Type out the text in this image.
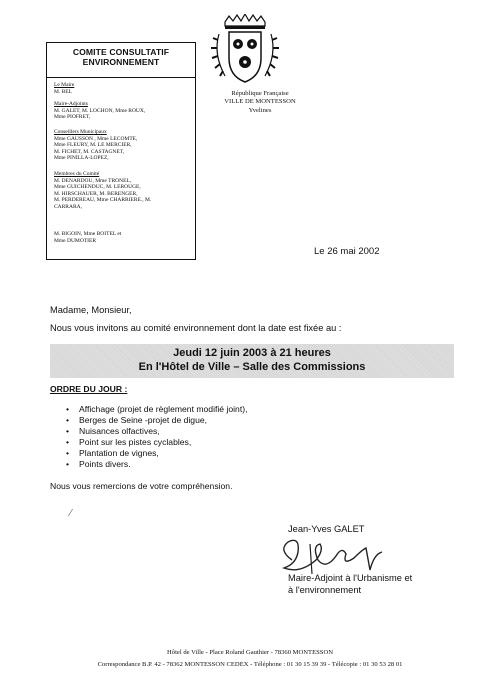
COMITE CONSULTATIF
ENVIRONNEMENT
Le Maire
M. BEL
Maire-Adjoints
M. GALET, M. LOCHON, Mme ROUX,
Mme PIOFRET,
Conseillers Municipaux
Mme GAUSSON , Mme LECOMTE,
Mme FLEURY, M. LE MERCIER,
M. FICHET, M. CASTAGNET,
Mme PINILLA-LOPEZ,
Membres du Comité
M. DENARDOU, Mme TRONEL,
Mme GUICHENDUC, M. LEROUGE,
M. HIRSCHAUER, M. BERENGER,
M. PERDEREAU, Mme CHARRIERE., M.
CARRARA,
M. BIGOIN, Mme BOITEL et
Mme DUMOTIER
République Française
VILLE DE MONTESSON
Yvelines
Le 26 mai 2002
Madame, Monsieur,
Nous vous invitons au comité environnement dont la date est fixée au :
Jeudi 12 juin 2003 à 21 heures
En l'Hôtel de Ville – Salle des Commissions
ORDRE DU JOUR :
• Affichage (projet de règlement modifié joint),
• Berges de Seine -projet de digue,
• Nuisances olfactives,
• Point sur les pistes cyclables,
• Plantation de vignes,
• Points divers.
Nous vous remercions de votre compréhension.
⁄
Jean-Yves GALET
Maire-Adjoint à l'Urbanisme et
à l'environnement
Hôtel de Ville - Place Roland Gauthier - 78360 MONTESSON
Correspondance B.P. 42 - 78362 MONTESSON CEDEX - Téléphone : 01 30 15 39 39 - Télécopie : 01 30 53 28 01
